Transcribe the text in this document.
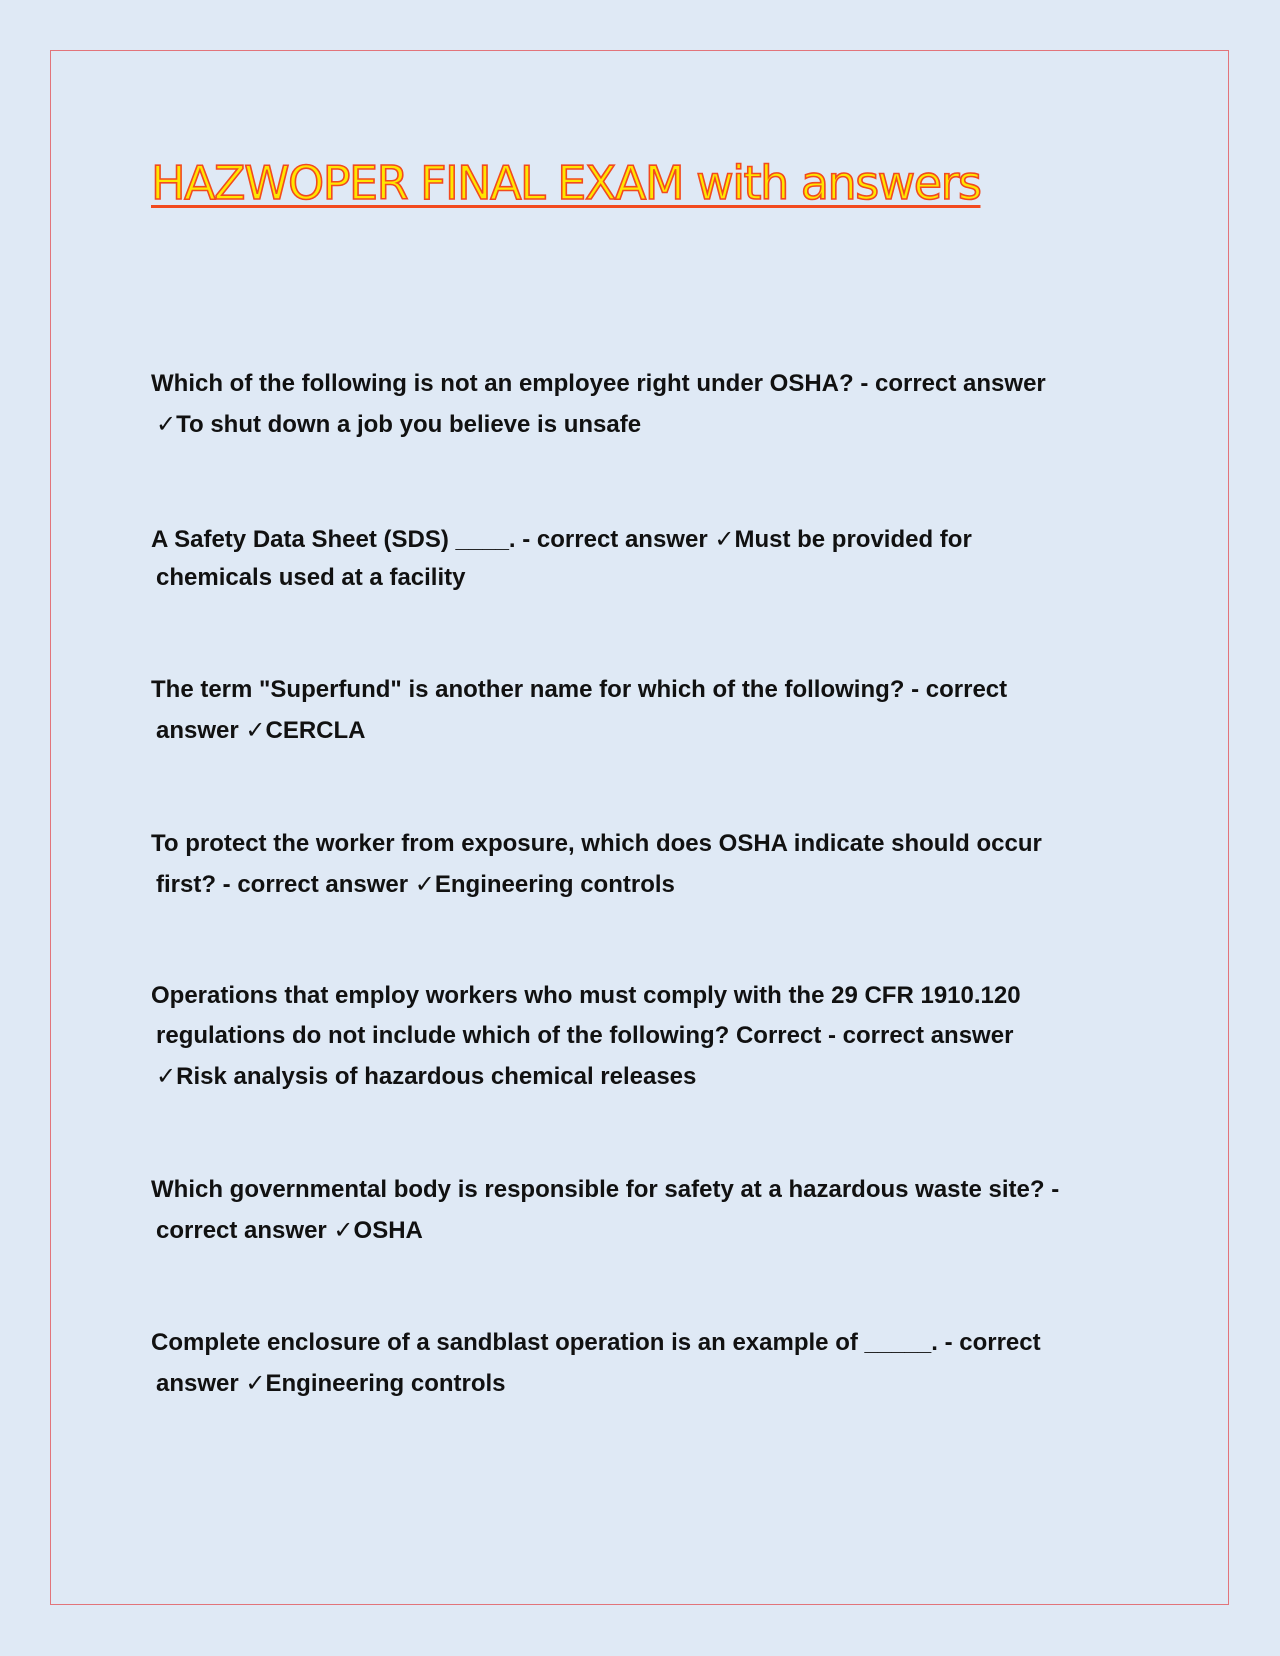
HAZWOPER FINAL EXAM with answers

Which of the following is not an employee right under OSHA? - correct answer
✓To shut down a job you believe is unsafe

A Safety Data Sheet (SDS) ____. - correct answer ✓Must be provided for
chemicals used at a facility

The term "Superfund" is another name for which of the following? - correct
answer ✓CERCLA

To protect the worker from exposure, which does OSHA indicate should occur
first? - correct answer ✓Engineering controls

Operations that employ workers who must comply with the 29 CFR 1910.120
regulations do not include which of the following? Correct - correct answer
✓Risk analysis of hazardous chemical releases

Which governmental body is responsible for safety at a hazardous waste site? -
correct answer ✓OSHA

Complete enclosure of a sandblast operation is an example of _____. - correct
answer ✓Engineering controls
